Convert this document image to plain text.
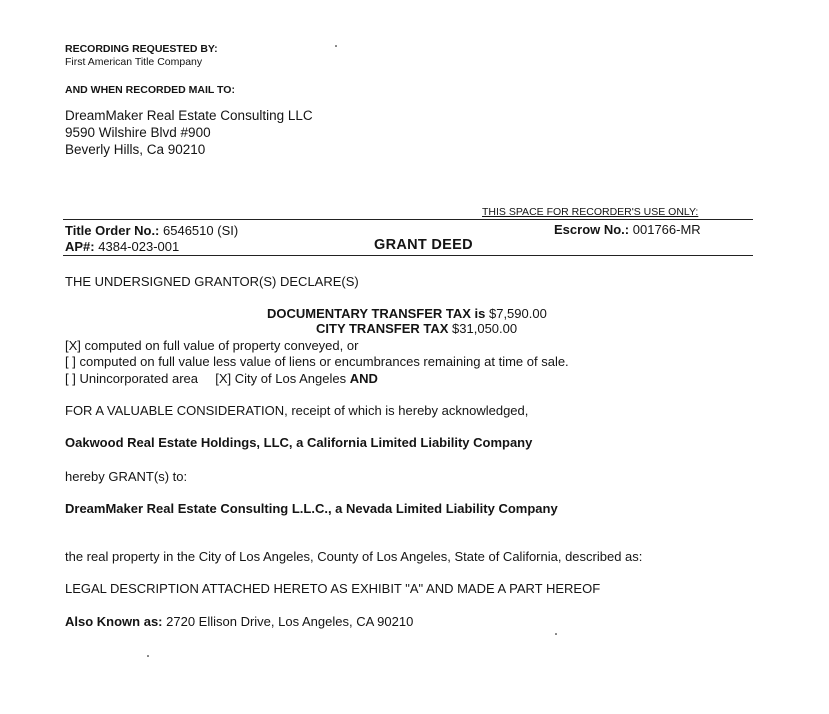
RECORDING REQUESTED BY:
First American Title Company
AND WHEN RECORDED MAIL TO:
DreamMaker Real Estate Consulting LLC
9590 Wilshire Blvd #900
Beverly Hills, Ca 90210
THIS SPACE FOR RECORDER'S USE ONLY:
Title Order No.: 6546510 (SI)	Escrow No.: 001766-MR
AP#: 4384-023-001	GRANT DEED
THE UNDERSIGNED GRANTOR(S) DECLARE(S)
DOCUMENTARY TRANSFER TAX is $7,590.00
CITY TRANSFER TAX $31,050.00
[X] computed on full value of property conveyed, or
[ ] computed on full value less value of liens or encumbrances remaining at time of sale.
[ ] Unincorporated area [X] City of Los Angeles AND
FOR A VALUABLE CONSIDERATION, receipt of which is hereby acknowledged,
Oakwood Real Estate Holdings, LLC, a California Limited Liability Company
hereby GRANT(s) to:
DreamMaker Real Estate Consulting L.L.C., a Nevada Limited Liability Company
the real property in the City of Los Angeles, County of Los Angeles, State of California, described as:
LEGAL DESCRIPTION ATTACHED HERETO AS EXHIBIT "A" AND MADE A PART HEREOF
Also Known as: 2720 Ellison Drive, Los Angeles, CA 90210
